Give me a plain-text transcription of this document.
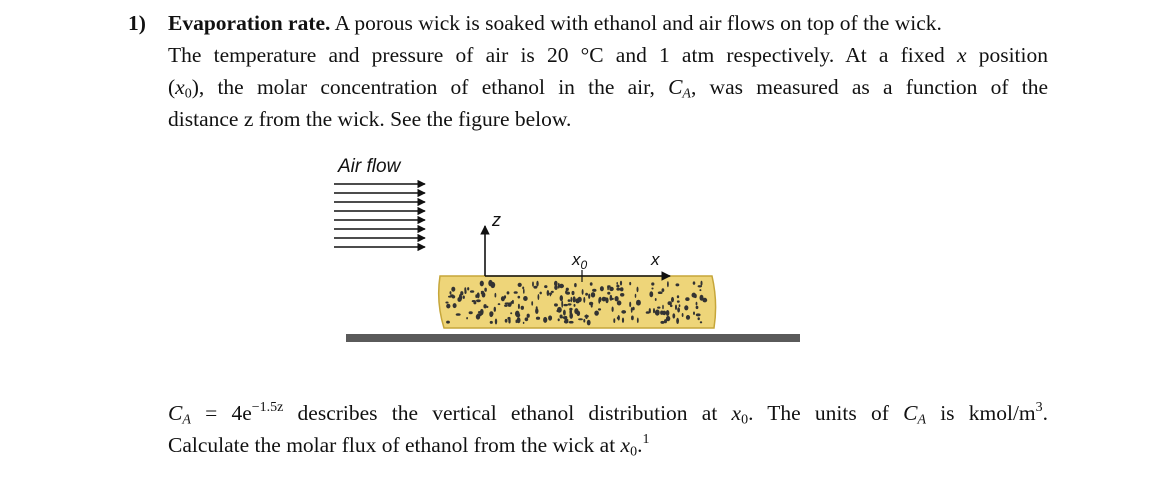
1) Evaporation rate. A porous wick is soaked with ethanol and air flows on top of the wick.
The temperature and pressure of air is 20 °C and 1 atm respectively. At a fixed x position
$(x_0)$, the molar concentration of ethanol in the air, $C_A$, was measured as a function of the
distance z from the wick. See the figure below.
Air flow
z
$x_0$	x
$C_A = 4e^{-1.5z}$ describes the vertical ethanol distribution at $x_0$. The units of $C_A$ is kmol/$m^3$.
Calculate the molar flux of ethanol from the wick at $x_0.^1$
